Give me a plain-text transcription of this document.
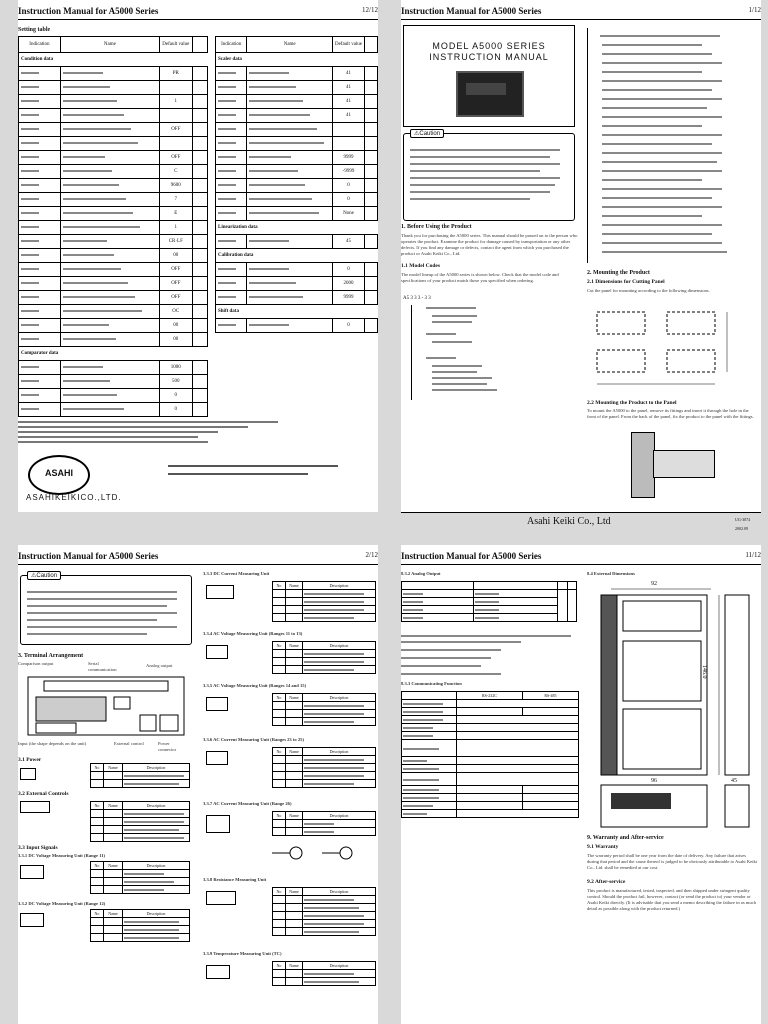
Instruction Manual for A5000 Series	12/12
Setting table
Indication	Name	Default value	
Condition data			
		PR	

		1	

		OFF	

		OFF	
		C	
		9600	
		7	
		E	
		1	
		CR·LF	
		00	
		OFF	
		OFF	
		OFF	
		OC	
		00	
		00	
Comparator data			
		1000	
		500	
		0	
		0	
Indication	Name	Default value	
Scaler data			
		41	
		41	
		41	
		41	

		9999	
		-9999	
		0	
		0	
		None	
Linearization data			
		45	
Calibration data			
		0	
		2000	
		9999	
Shift data			
		0	
ASAHI
ASAHIKEIKICO.,LTD.
Instruction Manual for A5000 Series	1/12
MODEL A5000 SERIES
INSTRUCTION MANUAL
⚠Caution
1. Before Using the Product
Thank you for purchasing the A5000 series. This manual should be passed on to the person who operates the product. Examine the product for damage caused by transportation or any other defects. If you find any damage or defects, contact the agent from which you purchased the product or Asahi Keiki Co., Ltd.
1.1 Model Codes
The model lineup of the A5000 series is shown below. Check that the model code and specifications of your product match those you specified when ordering.
A5 3 3 3 - 3 3
2. Mounting the Product
2.1 Dimensions for Cutting Panel
Cut the panel for mounting according to the following dimensions.
2.2 Mounting the Product to the Panel
To mount the A5000 to the panel, remove its fittings and insert it through the hole in the front of the panel. From the back of the panel, fix the product to the panel with the fittings.
Asahi Keiki Co., Ltd	UG-3074
2002.09
Instruction Manual for A5000 Series	2/12
⚠Caution
3. Terminal Arrangement
Comparison output	Serial communication
Analog output
Input (the shape depends on the unit)	External control	Power connector
3.1 Power
No	Name	Description

3.2 External Controls
No	Name	Description

3.3 Input Signals
3.3.1 DC Voltage Measuring Unit (Range 11)
No	Name	Description

3.3.2 DC Voltage Measuring Unit (Range 12)
No	Name	Description

3.3.3 DC Current Measuring Unit
No	Name	Description

3.3.4 AC Voltage Measuring Unit (Ranges 11 to 13)
No	Name	Description

3.3.5 AC Voltage Measuring Unit (Ranges 14 and 15)
No	Name	Description

3.3.6 AC Current Measuring Unit (Ranges 23 to 25)
No	Name	Description

3.3.7 AC Current Measuring Unit (Range 26)
No	Name	Description

3.3.8 Resistance Measuring Unit
No	Name	Description

3.3.9 Temperature Measuring Unit (TC)
No	Name	Description

Instruction Manual for A5000 Series	11/12
8.3.2 Analog Output

8.3.3 Communicating Function
	RS-232C	RS-485

8.4 External Dimensions
92
146.0
96	45
9. Warranty and After-service
9.1 Warranty
The warranty period shall be one year from the date of delivery. Any failure that arises during that period and the cause thereof is judged to be obviously attributable to Asahi Keiki Co., Ltd. shall be remedied at our cost.
9.2 After-service
This product is manufactured, tested, inspected, and then shipped under stringent quality control. Should the product fail, however, contact (or send the product to) your vendor or Asahi Keiki directly. (It is advisable that you send a memo describing the failure in as much detail as possible along with the product returned.)
